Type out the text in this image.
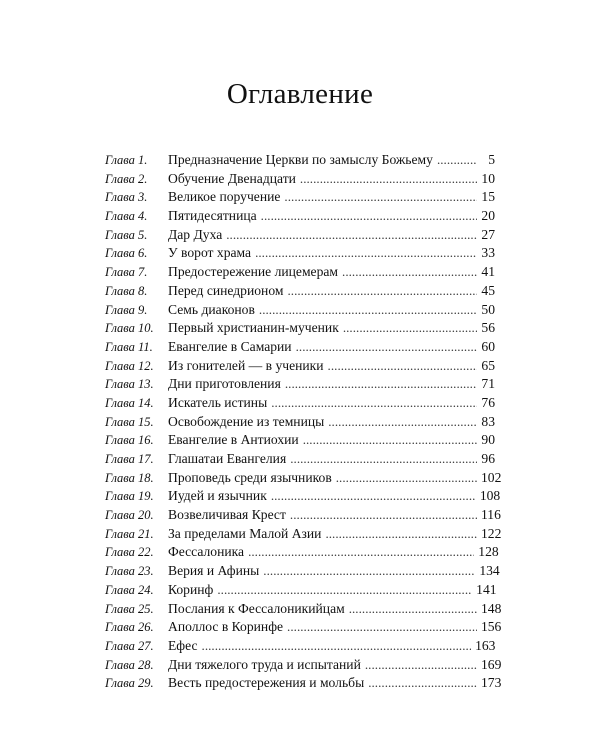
Оглавление
Глава 1.	Предназначение Церкви по замыслу Божьему . . .	5
Глава 2.	Обучение Двенадцати . . .	10
Глава 3.	Великое поручение . . .	15
Глава 4.	Пятидесятница . . .	20
Глава 5.	Дар Духа . . .	27
Глава 6.	У ворот храма . . .	33
Глава 7.	Предостережение лицемерам . . .	41
Глава 8.	Перед синедрионом . . .	45
Глава 9.	Семь диаконов . . .	50
Глава 10.	Первый христианин-мученик . . .	56
Глава 11.	Евангелие в Самарии . . .	60
Глава 12.	Из гонителей — в ученики . . .	65
Глава 13.	Дни приготовления . . .	71
Глава 14.	Искатель истины . . .	76
Глава 15.	Освобождение из темницы . . .	83
Глава 16.	Евангелие в Антиохии . . .	90
Глава 17.	Глашатаи Евангелия . . .	96
Глава 18.	Проповедь среди язычников . . .	102
Глава 19.	Иудей и язычник . . .	108
Глава 20.	Возвеличивая Крест . . .	116
Глава 21.	За пределами Малой Азии . . .	122
Глава 22.	Фессалоника . . .	128
Глава 23.	Верия и Афины . . .	134
Глава 24.	Коринф . . .	141
Глава 25.	Послания к Фессалоникийцам . . .	148
Глава 26.	Аполлос в Коринфе . . .	156
Глава 27.	Ефес . . .	163
Глава 28.	Дни тяжелого труда и испытаний . . .	169
Глава 29.	Весть предостережения и мольбы . . .	173
